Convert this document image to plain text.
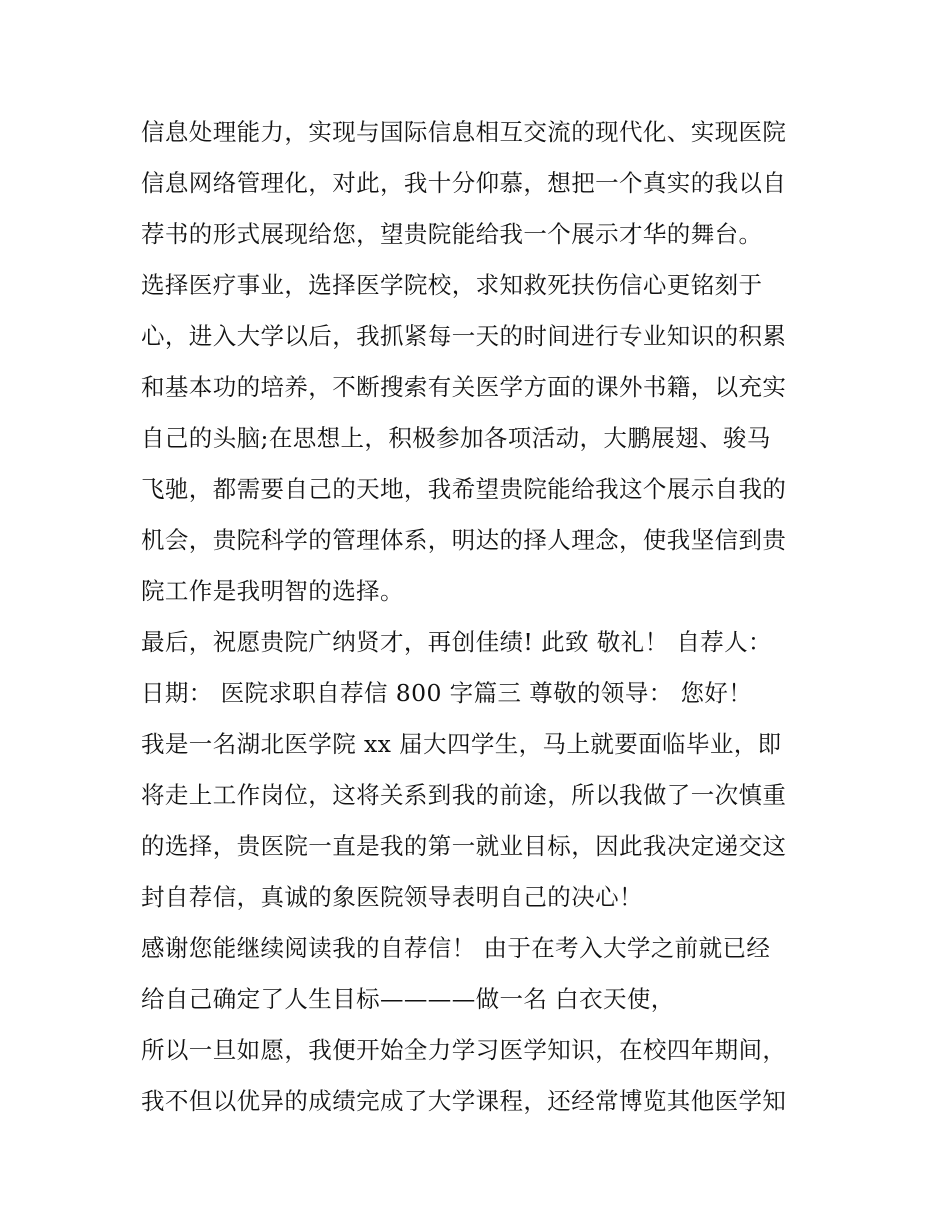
信息处理能力，实现与国际信息相互交流的现代化、实现医院
信息网络管理化，对此，我十分仰慕，想把一个真实的我以自
荐书的形式展现给您，望贵院能给我一个展示才华的舞台。
选择医疗事业，选择医学院校，求知救死扶伤信心更铭刻于
心，进入大学以后，我抓紧每一天的时间进行专业知识的积累
和基本功的培养，不断搜索有关医学方面的课外书籍，以充实
自己的头脑;在思想上，积极参加各项活动，大鹏展翅、骏马
飞驰，都需要自己的天地，我希望贵院能给我这个展示自我的
机会，贵院科学的管理体系，明达的择人理念，使我坚信到贵
院工作是我明智的选择。
最后，祝愿贵院广纳贤才，再创佳绩! 此致 敬礼！ 自荐人：
日期： 医院求职自荐信 800 字篇三 尊敬的领导： 您好！
我是一名湖北医学院 xx 届大四学生，马上就要面临毕业，即
将走上工作岗位，这将关系到我的前途，所以我做了一次慎重
的选择，贵医院一直是我的第一就业目标，因此我决定递交这
封自荐信，真诚的象医院领导表明自己的决心！
感谢您能继续阅读我的自荐信！ 由于在考入大学之前就已经
给自己确定了人生目标————做一名 白衣天使，
所以一旦如愿，我便开始全力学习医学知识，在校四年期间，
我不但以优异的成绩完成了大学课程，还经常博览其他医学知
